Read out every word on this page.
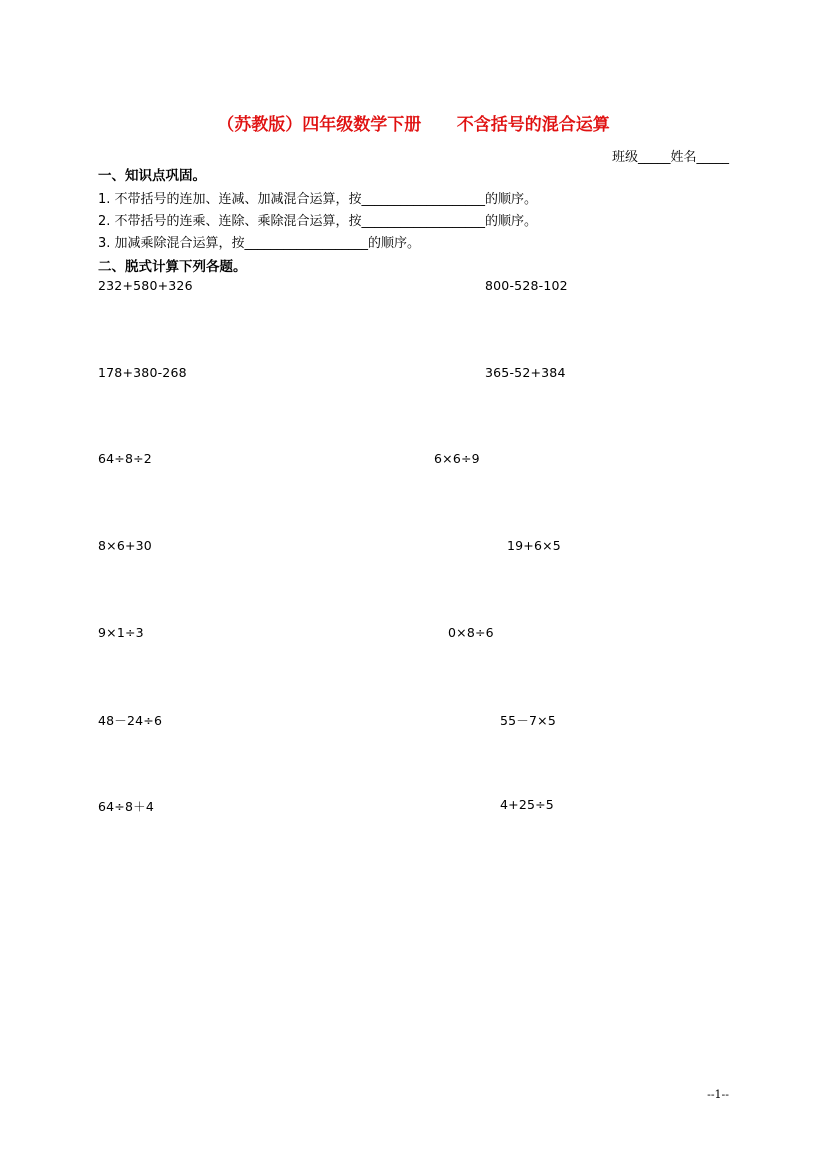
（苏教版）四年级数学下册      不含括号的混合运算
班级_____姓名_____
一、知识点巩固。
1. 不带括号的连加、连减、加减混合运算，按___________________的顺序。
2. 不带括号的连乘、连除、乘除混合运算，按___________________的顺序。
3. 加减乘除混合运算，按___________________的顺序。
二、脱式计算下列各题。
232+580+326	800-528-102
178+380-268	365-52+384
64÷8÷2	6×6÷9
8×6+30	19+6×5
9×1÷3	0×8÷6
48－24÷6	55－7×5
64÷8＋4	4+25÷5
--1--
